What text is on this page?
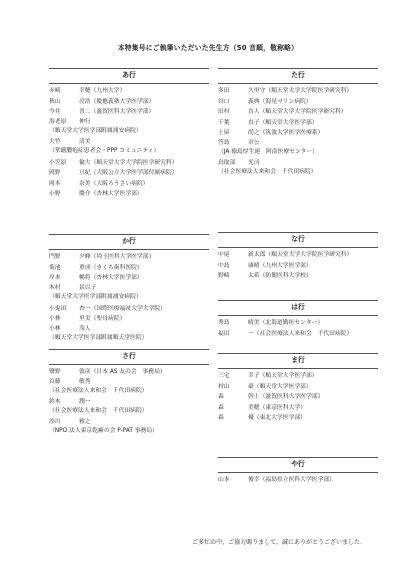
本特集号にご執筆いただいた先生方（50 音順，敬称略）
あ行
赤崎	幸穂（九州大学）
秋山	亮浩（慶應義塾大学医学部）
今井	晋二（滋賀医科大学医学部）
海老原 伸行
（順天堂大学医学部附属浦安病院）
大竹	清美
（掌蹠膿疱症患者会・PPP コミュニティ）
小笠原 倫大（順天堂大学大学院医学研究科）
岡野	亘紀（大阪公立大学医学部付属病院）
岡本	奈美（大阪ろうさい病院）
小野	慶介（杏林大学医学部）
か行
門野	夕峰（埼玉医科大学医学部）
菊池	重成（きくち歯科医院）
岸本	暢将（杏林大学医学部）
木村	景以子
（順天堂大学医学部附属浦安病院）
小鬼田 杏一（国際医療福祉大学大学院）
小林	里実（聖母病院）
小林	茂人
（順天堂大学医学部附属順天堂医院）
さ行
鹽野	敦彦（日本 AS 友の会　事務局）
首藤	敏秀
（社会医療法人来和会　千代田病院）
鈴木	潤一
（社会医療法人来和会　千代田病院）
添川	雅之
（NPO 法人東京乾癬の会 P-PAT 事務局）
た行
多田	久里守（順天堂大学大学院医学研究科）
谷口	義典（海星マリン病院）
田村	直人（順天堂大学大学院医学研究科）
千葉	直子（順天堂大学医学部）
土屋	尚之（筑波大学医学医療系）
答島	章公
（JA 徳島厚生連　阿南医療センター）
鳥取部 光司
（社会医療法人来和会　千代田病院）
な行
中尾	新太郎（順天堂大学大学院医学研究科）
中島	康晴（九州大学医学部）
野崎	太希（防衛医科大学校）
は行
秀島	晴美（北海道勤医センター）
福田	一（社会医療法人来和会　千代田病院）
ま行
三宅	幸子（順天堂大学医学部）
村山	豪（順天堂大学医学部）
森	幹士（滋賀医科大学医学部）
森	美穂（東京医科大学）
森	優（東北大学医学部）
や行
山本	俊幸（福島県立医科大学医学部）
ご多忙の中，ご協力賜りまして，誠にありがとうございました．
